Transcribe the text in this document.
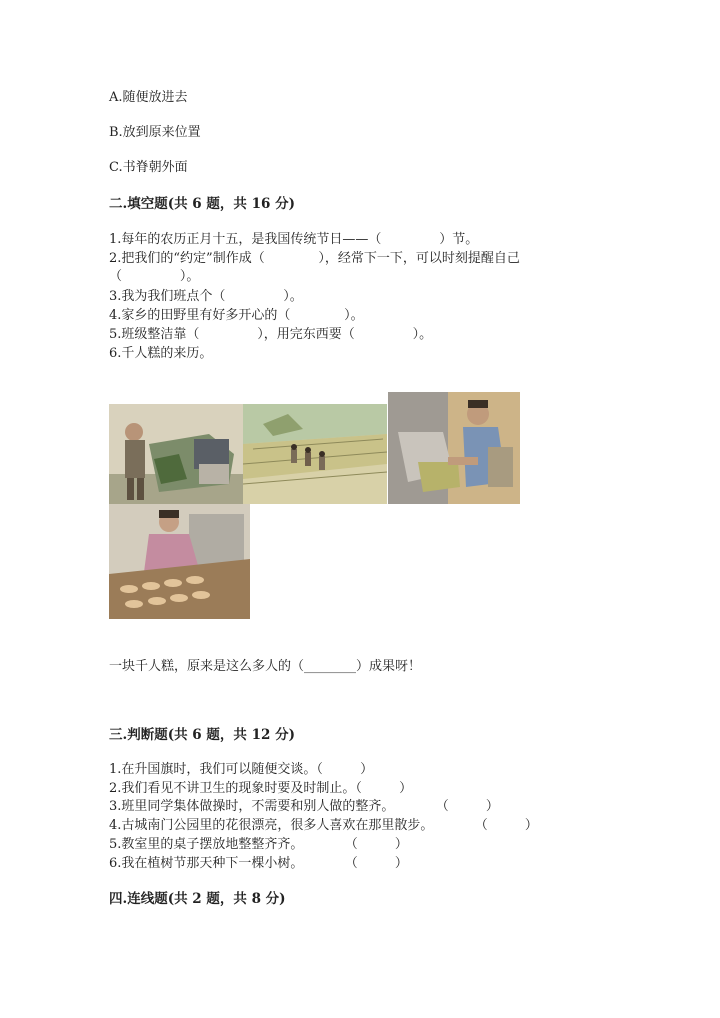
A.随便放进去
B.放到原来位置
C.书脊朝外面
二.填空题(共 6 题，共 16 分)
1.每年的农历正月十五，是我国传统节日——（              ）节。
2.把我们的“约定”制作成（             ），经常下一下，可以时刻提醒自己
（              ）。
3.我为我们班点个（              ）。
4.家乡的田野里有好多开心的（             ）。
5.班级整洁靠（              ），用完东西要（              ）。
6.千人糕的来历。
一块千人糕，原来是这么多人的（________）成果呀！
三.判断题(共 6 题，共 12 分)
1.在升国旗时，我们可以随便交谈。（         ）
2.我们看见不讲卫生的现象时要及时制止。（         ）
3.班里同学集体做操时，不需要和别人做的整齐。          （         ）
4.古城南门公园里的花很漂亮，很多人喜欢在那里散步。          （         ）
5.教室里的桌子摆放地整整齐齐。          （         ）
6.我在植树节那天种下一棵小树。          （         ）
四.连线题(共 2 题，共 8 分)
